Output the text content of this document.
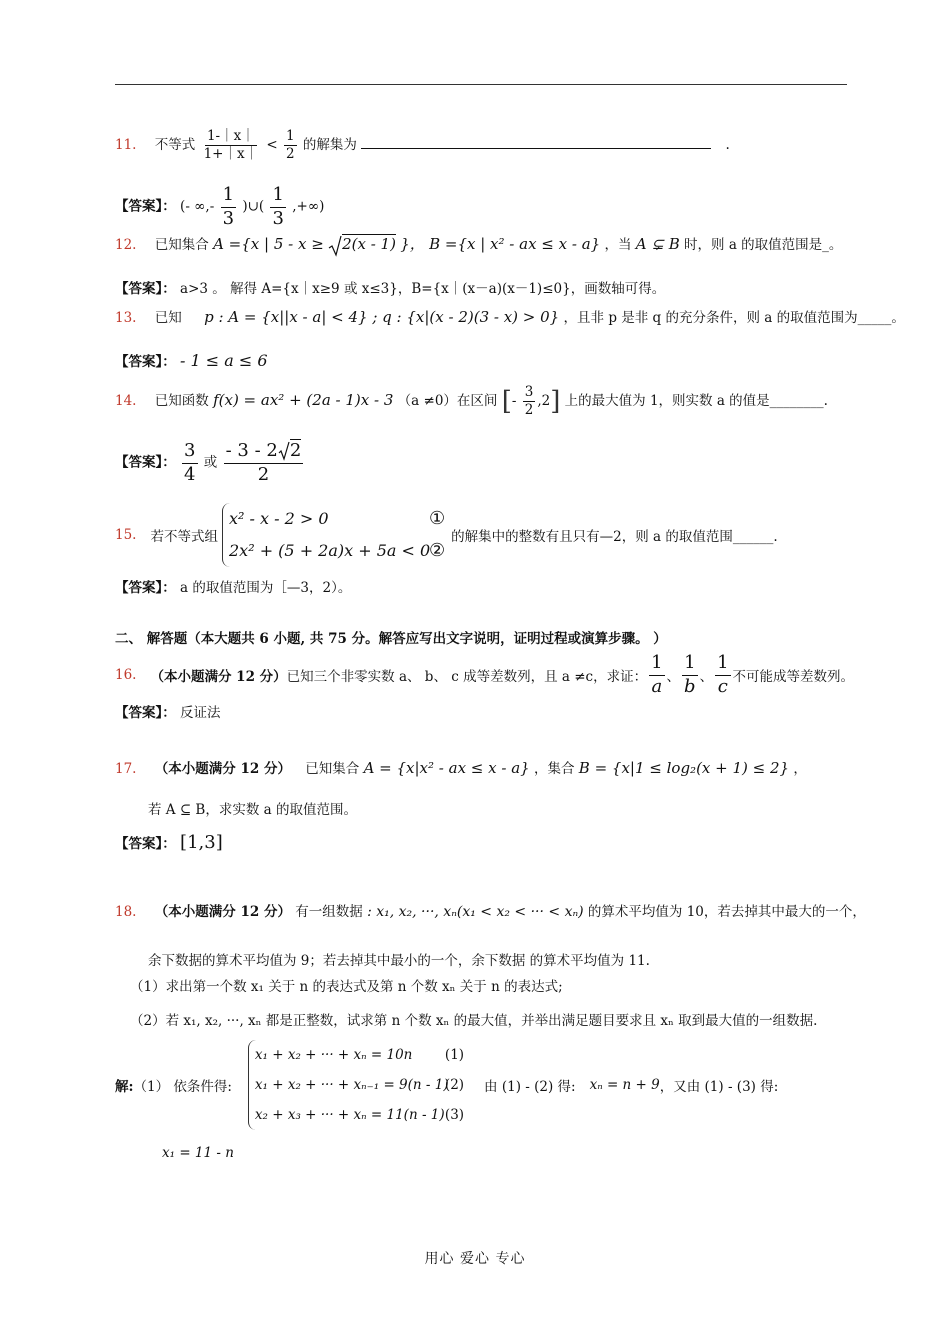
11. 不等式 $\frac{1-|x|}{1+|x|} < \frac{1}{2}$ 的解集为	.
【答案】： (- ∞,- $\frac{1}{3}$ )∪( $\frac{1}{3}$ ,+∞)
12. 已知集合 A ={x | 5 - x ≥ 2(x - 1) }， B ={x | x² - ax ≤ x - a} ，当 A ⊊ B 时，则 a 的取值范围是_。
【答案】： a>3 。 解得 A={x｜x≥9 或 x≤3}，B={x｜(x－a)(x－1)≤0}，画数轴可得。
13. 已知 p : A = {x||x - a| < 4} ; q : {x|(x - 2)(3 - x) > 0} ，且非 p 是非 q 的充分条件，则 a 的取值范围为_____。
【答案】： - 1 ≤ a ≤ 6
14. 已知函数 f(x) = ax² + (2a - 1)x - 3 （a ≠0）在区间 [- $\frac{3}{2} ,2$] 上的最大值为 1，则实数 a 的值是________.
【答案】： $\frac{3}{4}$ 或 $\frac{- 3 - 2 2}{2}$
15. 若不等式组
x² - x - 2 > 0	①
2x² + (5 + 2a)x + 5a < 0
②
的解集中的整数有且只有—2，则 a 的取值范围______.
【答案】： a 的取值范围为［—3，2）。
二、 解答题（本大题共 6 小题, 共 75 分。解答应写出文字说明，证明过程或演算步骤。 ）
16. （本小题满分 12 分） 已知三个非零实数 a、 b、 c 成等差数列，且 a ≠c，求证： $\frac{1}{a}$ 、 $\frac{1}{b}$ 、 $\frac{1}{c}$ 不可能成等差数列。
【答案】： 反证法
17. （本小题满分 12 分） 已知集合 A = {x|x² - ax ≤ x - a} ，集合 B = {x|1 ≤ log₂(x + 1) ≤ 2} ，
若 A ⊆ B，求实数 a 的取值范围。
【答案】： [1,3]
18. （本小题满分 12 分） 有一组数据 : x₁, x₂, ···, xₙ(x₁ < x₂ < ··· < xₙ) 的算术平均值为 10，若去掉其中最大的一个，
余下数据的算术平均值为 9；若去掉其中最小的一个，余下数据 的算术平均值为 11.
（1）求出第一个数 x₁ 关于 n 的表达式及第 n 个数 xₙ 关于 n 的表达式;
（2）若 x₁, x₂, ···, xₙ 都是正整数，试求第 n 个数 xₙ 的最大值，并举出满足题目要求且 xₙ 取到最大值的一组数据.
解: （1） 依条件得:
x₁ + x₂ + ··· + xₙ = 10n	(1)
x₁ + x₂ + ··· + xₙ₋₁ = 9(n - 1)
(2)
x₂ + x₃ + ··· + xₙ = 11(n - 1) (3)
由 (1) - (2) 得: xₙ = n + 9 ，又由 (1) - (3) 得:
x₁ = 11 - n
用心 爱心 专心
